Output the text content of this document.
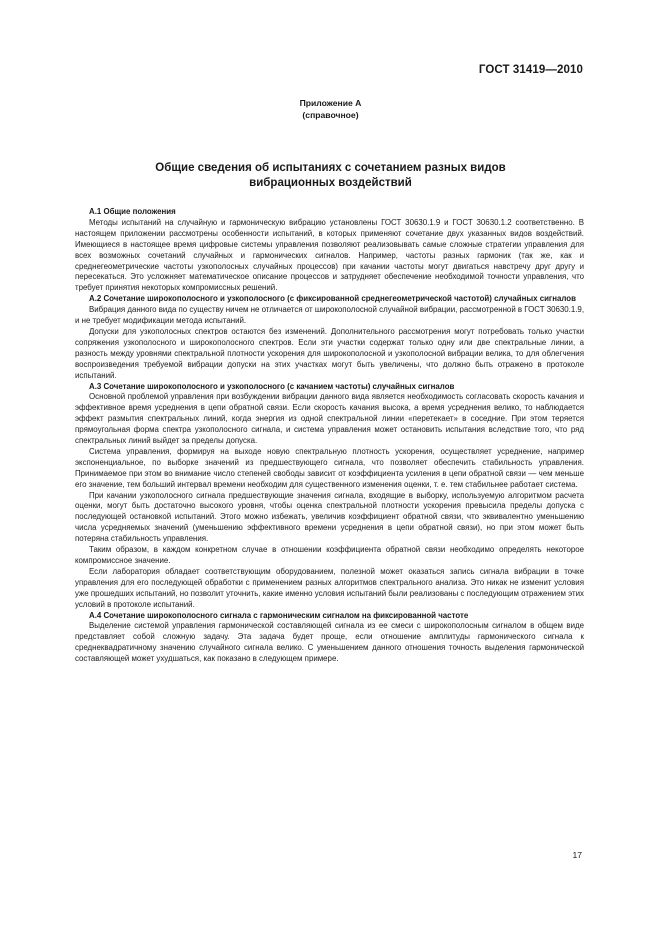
ГОСТ 31419—2010
Приложение А
(справочное)
Общие сведения об испытаниях с сочетанием разных видов
вибрационных воздействий

А.1 Общие положения

Методы испытаний на случайную и гармоническую вибрацию установлены ГОСТ 30630.1.9 и ГОСТ 30630.1.2 соответственно. В настоящем приложении рассмотрены особенности испытаний, в которых применяют сочетание двух указанных видов воздействий. Имеющиеся в настоящее время цифровые системы управления позволяют реализовывать самые сложные стратегии управления для всех возможных сочетаний случайных и гармонических сигналов. Например, частоты разных гармоник (так же, как и среднегеометрические частоты узкополосных случайных процессов) при качании частоты могут двигаться навстречу друг другу и пересекаться. Это усложняет математическое описание процессов и затрудняет обеспечение необходимой точности управления, что требует принятия некоторых компромиссных решений.

А.2 Сочетание широкополосного и узкополосного (с фиксированной среднегеометрической частотой) случайных сигналов

Вибрация данного вида по существу ничем не отличается от широкополосной случайной вибрации, рассмотренной в ГОСТ 30630.1.9, и не требует модификации метода испытаний.

Допуски для узкополосных спектров остаются без изменений. Дополнительного рассмотрения могут потребовать только участки сопряжения узкополосного и широкополосного спектров. Если эти участки содержат только одну или две спектральные линии, а разность между уровнями спектральной плотности ускорения для широкополосной и узкополосной вибрации велика, то для облегчения воспроизведения требуемой вибрации допуски на этих участках могут быть увеличены, что должно быть отражено в протоколе испытаний.

А.3 Сочетание широкополосного и узкополосного (с качанием частоты) случайных сигналов

Основной проблемой управления при возбуждении вибрации данного вида является необходимость согласовать скорость качания и эффективное время усреднения в цепи обратной связи. Если скорость качания высока, а время усреднения велико, то наблюдается эффект размытия спектральных линий, когда энергия из одной спектральной линии «перетекает» в соседние. При этом теряется прямоугольная форма спектра узкополосного сигнала, и система управления может остановить испытания вследствие того, что ряд спектральных линий выйдет за пределы допуска.

Система управления, формируя на выходе новую спектральную плотность ускорения, осуществляет усреднение, например экспоненциальное, по выборке значений из предшествующего сигнала, что позволяет обеспечить стабильность управления. Принимаемое при этом во внимание число степеней свободы зависит от коэффициента усиления в цепи обратной связи — чем меньше его значение, тем больший интервал времени необходим для существенного изменения оценки, т. е. тем стабильнее работает система.

При качании узкополосного сигнала предшествующие значения сигнала, входящие в выборку, используемую алгоритмом расчета оценки, могут быть достаточно высокого уровня, чтобы оценка спектральной плотности ускорения превысила пределы допуска с последующей остановкой испытаний. Этого можно избежать, увеличив коэффициент обратной связи, что эквивалентно уменьшению числа усредняемых значений (уменьшению эффективного времени усреднения в цепи обратной связи), но при этом может быть потеряна стабильность управления.

Таким образом, в каждом конкретном случае в отношении коэффициента обратной связи необходимо определять некоторое компромиссное значение.

Если лаборатория обладает соответствующим оборудованием, полезной может оказаться запись сигнала вибрации в точке управления для его последующей обработки с применением разных алгоритмов спектрального анализа. Это никак не изменит условия уже прошедших испытаний, но позволит уточнить, какие именно условия испытаний были реализованы с последующим отражением этих условий в протоколе испытаний.

А.4 Сочетание широкополосного сигнала с гармоническим сигналом на фиксированной частоте

Выделение системой управления гармонической составляющей сигнала из ее смеси с широкополосным сигналом в общем виде представляет собой сложную задачу. Эта задача будет проще, если отношение амплитуды гармонического сигнала к среднеквадратичному значению случайного сигнала велико. С уменьшением данного отношения точность выделения гармонической составляющей может ухудшаться, как показано в следующем примере.

17
